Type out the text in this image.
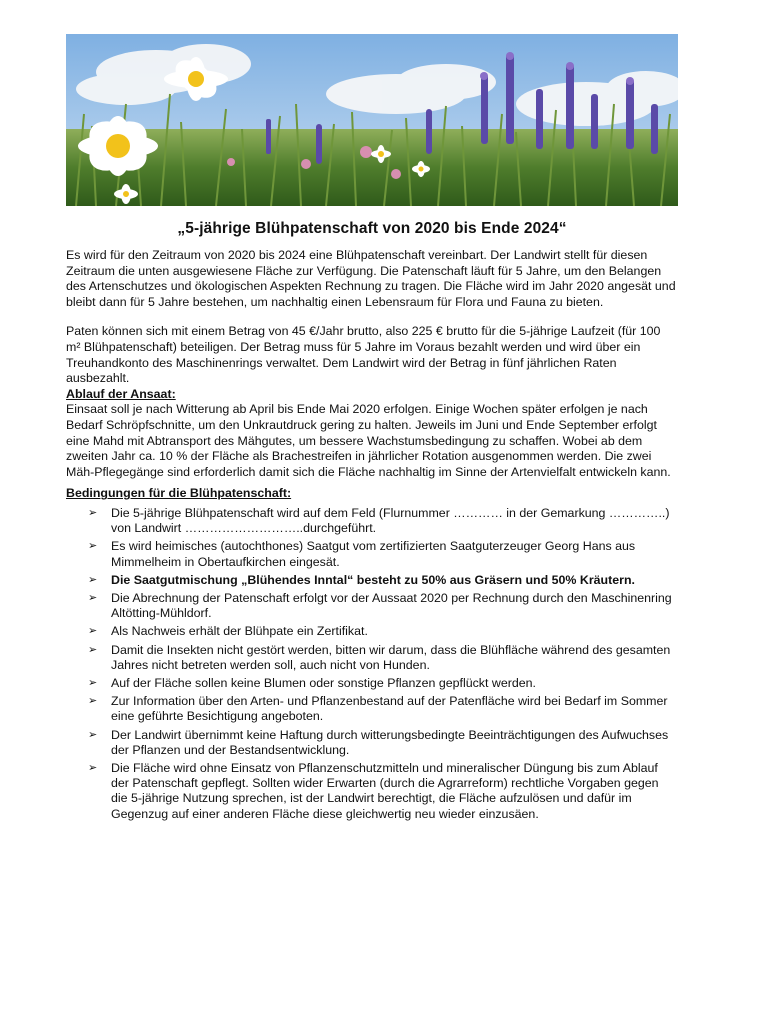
„5-jährige Blühpatenschaft von 2020 bis Ende 2024“

Es wird für den Zeitraum von 2020 bis 2024 eine Blühpatenschaft vereinbart. Der Landwirt stellt für diesen Zeitraum die unten ausgewiesene Fläche zur Verfügung. Die Patenschaft läuft für 5 Jahre, um den Belangen des Artenschutzes und ökologischen Aspekten Rechnung zu tragen. Die Fläche wird im Jahr 2020 angesät und bleibt dann für 5 Jahre bestehen, um nachhaltig einen Lebensraum für Flora und Fauna zu bieten.

Paten können sich mit einem Betrag von 45 €/Jahr brutto, also 225 € brutto für die 5-jährige Laufzeit (für 100 m² Blühpatenschaft) beteiligen. Der Betrag muss für 5 Jahre im Voraus bezahlt werden und wird über ein Treuhandkonto des Maschinenrings verwaltet. Dem Landwirt wird der Betrag in fünf jährlichen Raten ausbezahlt.

Ablauf der Ansaat:

Einsaat soll je nach Witterung ab April bis Ende Mai 2020 erfolgen. Einige Wochen später erfolgen je nach Bedarf Schröpfschnitte, um den Unkrautdruck gering zu halten. Jeweils im Juni und Ende September erfolgt eine Mahd mit Abtransport des Mähgutes, um bessere Wachstumsbedingung zu schaffen. Wobei ab dem zweiten Jahr ca. 10 % der Fläche als Brachestreifen in jährlicher Rotation ausgenommen werden. Die zwei Mäh-Pflegegänge sind erforderlich damit sich die Fläche nachhaltig im Sinne der Artenvielfalt entwickeln kann.

Bedingungen für die Blühpatenschaft:

➢ Die 5-jährige Blühpatenschaft wird auf dem Feld (Flurnummer ………… in der Gemarkung …………..) von Landwirt ………………………..durchgeführt.
➢ Es wird heimisches (autochthones) Saatgut vom zertifizierten Saatguterzeuger Georg Hans aus Mimmelheim in Obertaufkirchen eingesät.
➢ Die Saatgutmischung „Blühendes Inntal“ besteht zu 50% aus Gräsern und 50% Kräutern.
➢ Die Abrechnung der Patenschaft erfolgt vor der Aussaat 2020 per Rechnung durch den Maschinenring Altötting-Mühldorf.
➢ Als Nachweis erhält der Blühpate ein Zertifikat.
➢ Damit die Insekten nicht gestört werden, bitten wir darum, dass die Blühfläche während des gesamten Jahres nicht betreten werden soll, auch nicht von Hunden.
➢ Auf der Fläche sollen keine Blumen oder sonstige Pflanzen gepflückt werden.
➢ Zur Information über den Arten- und Pflanzenbestand auf der Patenfläche wird bei Bedarf im Sommer eine geführte Besichtigung angeboten.
➢ Der Landwirt übernimmt keine Haftung durch witterungsbedingte Beeinträchtigungen des Aufwuchses der Pflanzen und der Bestandsentwicklung.
➢ Die Fläche wird ohne Einsatz von Pflanzenschutzmitteln und mineralischer Düngung bis zum Ablauf der Patenschaft gepflegt. Sollten wider Erwarten (durch die Agrarreform) rechtliche Vorgaben gegen die 5-jährige Nutzung sprechen, ist der Landwirt berechtigt, die Fläche aufzulösen und dafür im Gegenzug auf einer anderen Fläche diese gleichwertig neu wieder einzusäen.
